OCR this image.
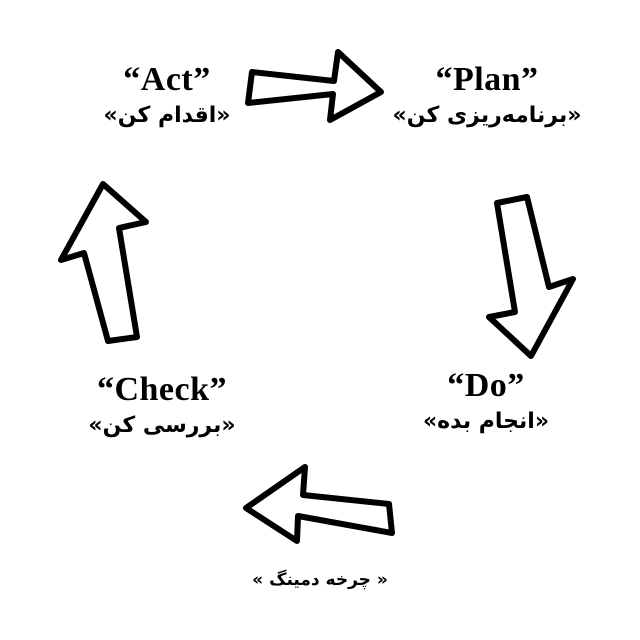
“Plan”
«برنامه‌ریزی کن»
“Do”
«انجام بده»
“Check”
«بررسی کن»
“Act”
«اقدام کن»
« چرخه دمینگ »
